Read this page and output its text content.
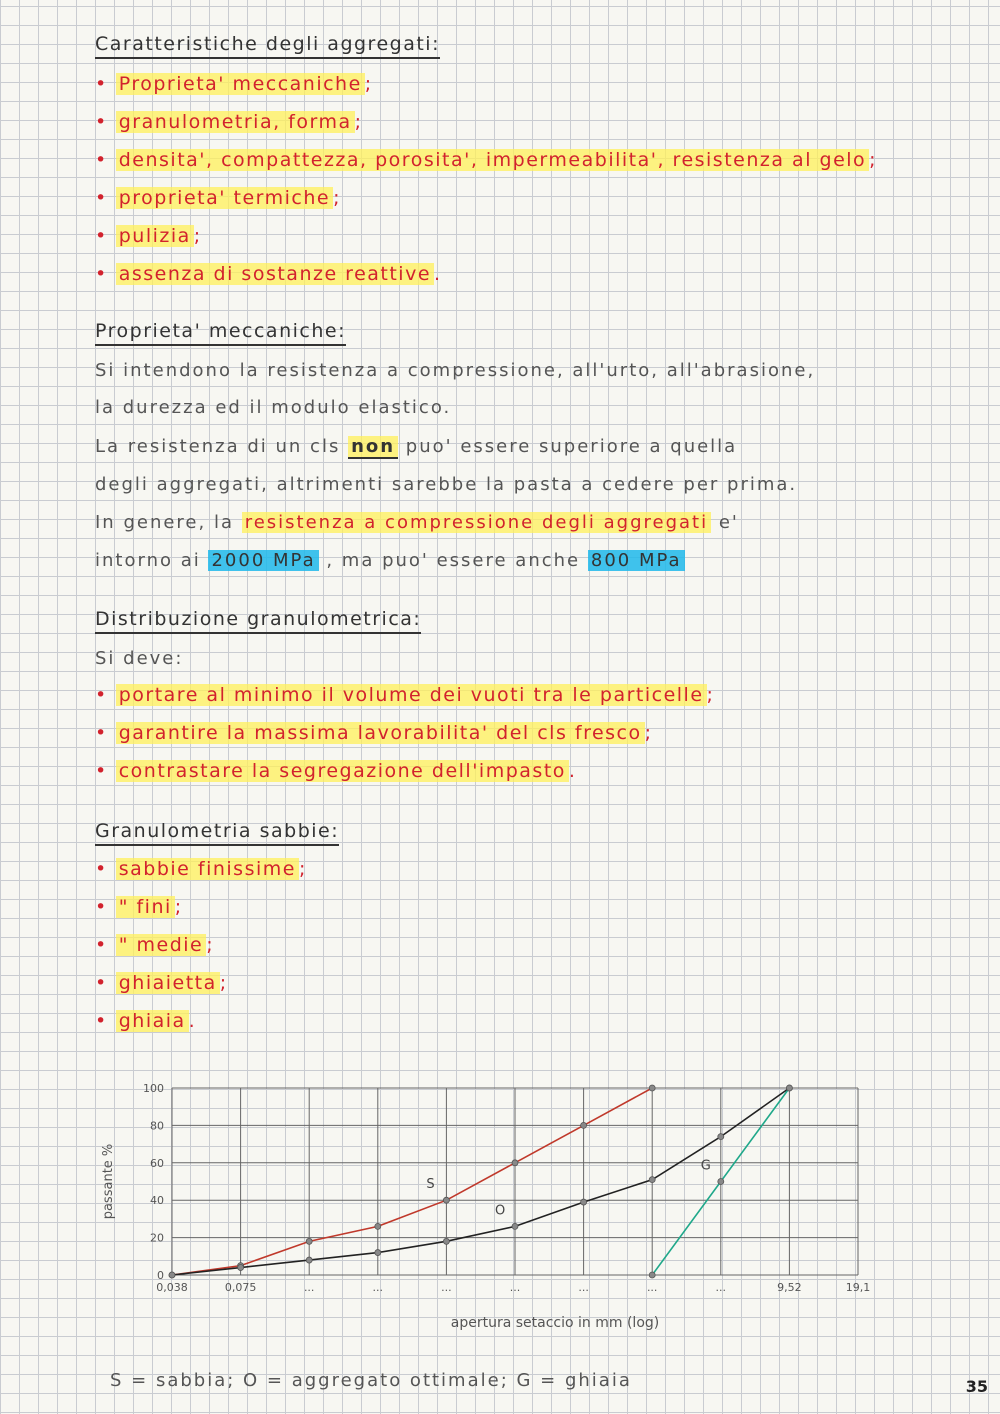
Caratteristiche degli aggregati:
• Proprieta' meccaniche ;
• granulometria, forma ;
• densita', compattezza, porosita', impermeabilita', resistenza al gelo ;
• proprieta' termiche ;
• pulizia ;
• assenza di sostanze reattive .
Proprieta' meccaniche:
Si intendono la resistenza a compressione, all'urto, all'abrasione,
la durezza ed il modulo elastico.
La resistenza di un cls non puo' essere superiore a quella
degli aggregati, altrimenti sarebbe la pasta a cedere per prima.
In genere, la resistenza a compressione degli aggregati e'
intorno ai 2000 MPa , ma puo' essere anche 800 MPa
Distribuzione granulometrica:
Si deve:
• portare al minimo il volume dei vuoti tra le particelle ;
• garantire la massima lavorabilita' del cls fresco ;
• contrastare la segregazione dell'impasto .
Granulometria sabbie:
• sabbie finissime ;
• " fini ;
• " medie ;
• ghiaietta ;
• ghiaia .
0
20
40
60
80
100
0,038	0,075	...	...	...	...	...	...	...	9,52	19,1
passante %
apertura setaccio in mm (log)
S
O
G
S = sabbia; O = aggregato ottimale; G = ghiaia	35
